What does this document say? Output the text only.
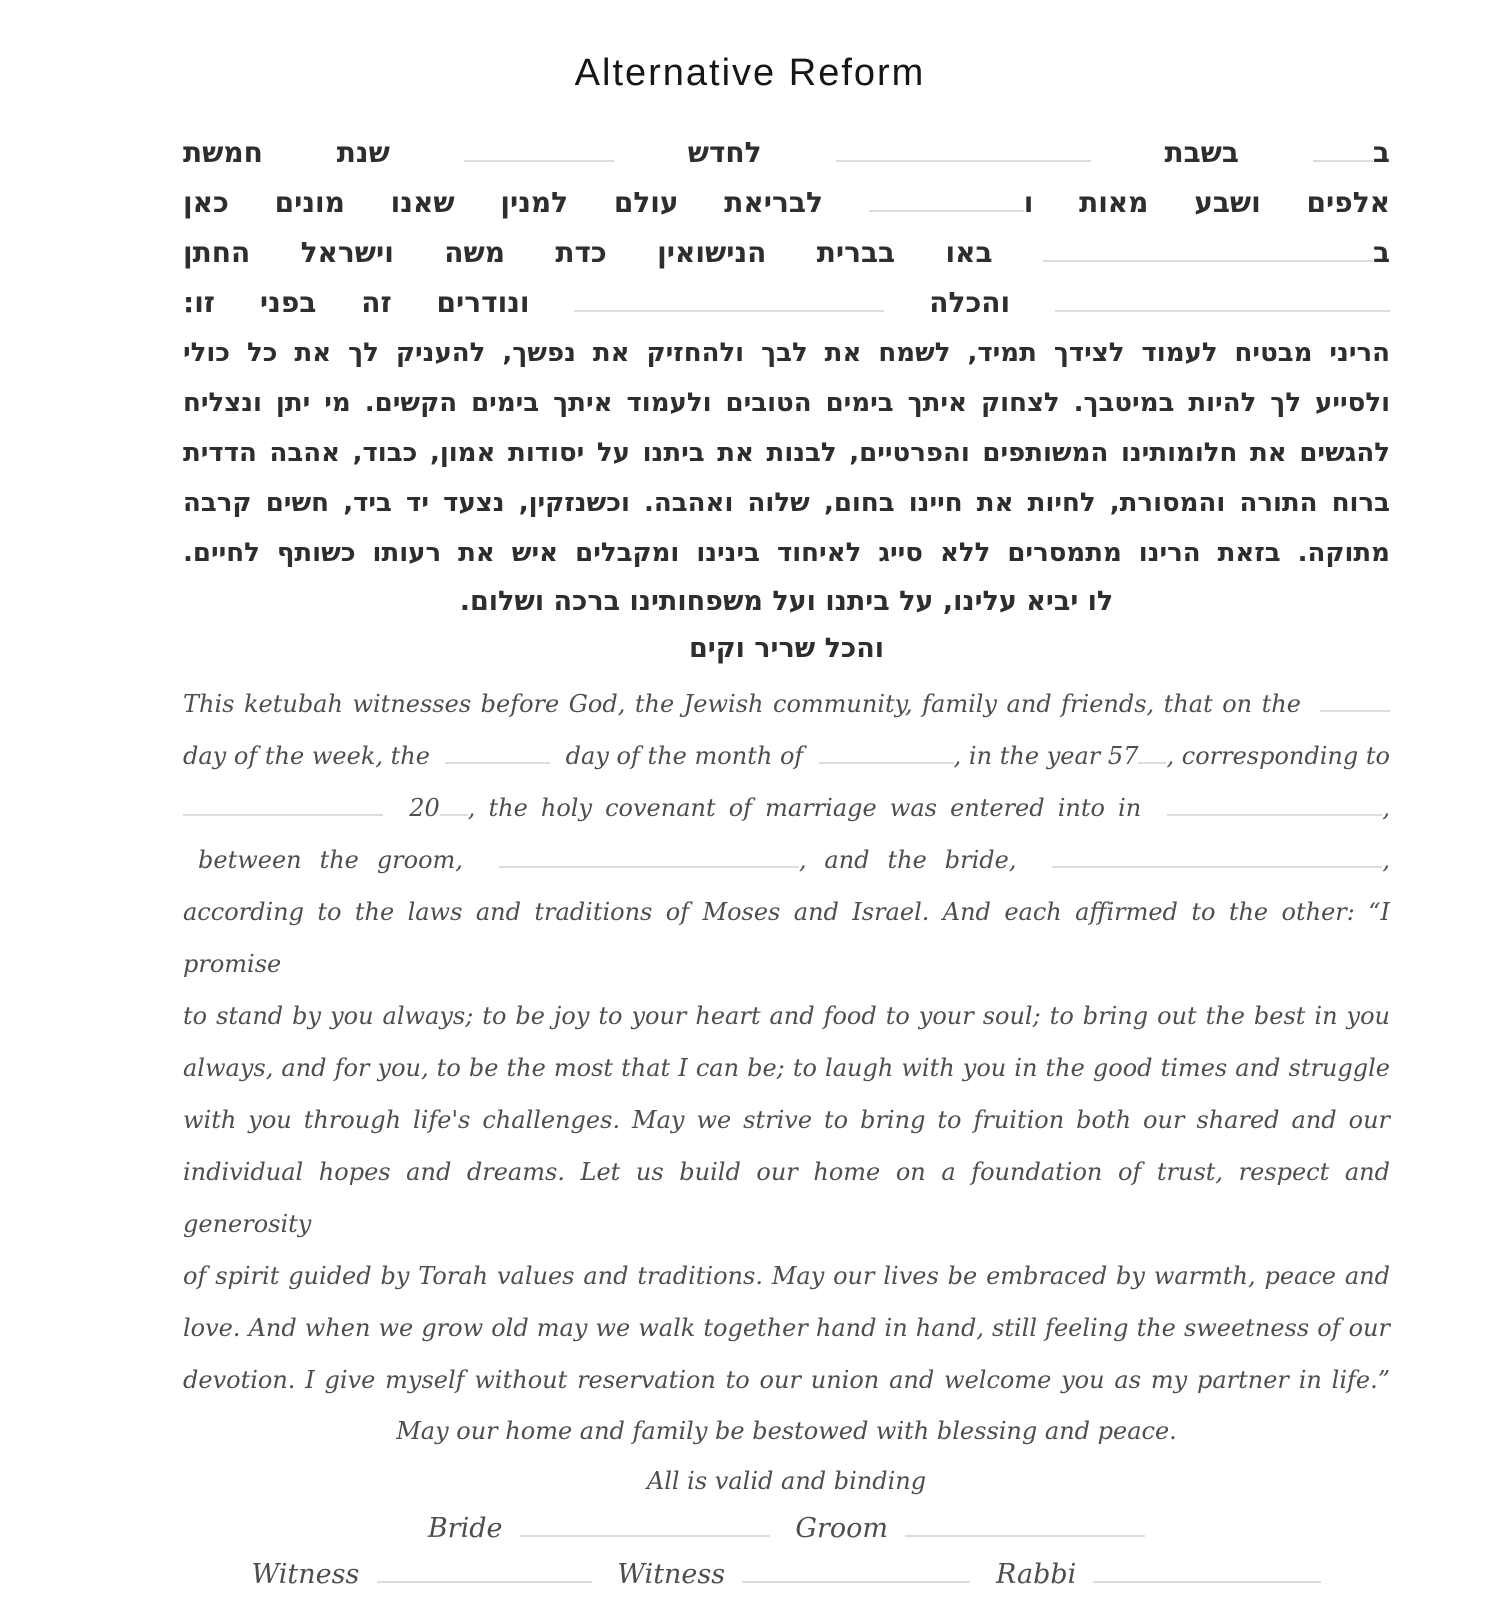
Alternative Reform
ב  בשבת    לחדש    שנת  חמשת
אלפים  ושבע  מאות  ו  לבריאת  עולם  למנין  שאנו  מונים  כאן
ב  באו  בברית  הנישואין  כדת  משה  וישראל  החתן
והכלה    ונודרים  זה  בפני  זו:
הריני מבטיח לעמוד לצידך תמיד, לשמח את לבך ולהחזיק את נפשך, להעניק לך את כל כולי
ולסייע לך להיות במיטבך. לצחוק איתך בימים הטובים ולעמוד איתך בימים הקשים. מי יתן ונצליח
להגשים את חלומותינו המשותפים והפרטיים, לבנות את ביתנו על יסודות אמון, כבוד, אהבה הדדית
ברוח התורה והמסורת, לחיות את חיינו בחום, שלוה ואהבה. וכשנזקין, נצעד יד ביד, חשים קרבה
מתוקה. בזאת הרינו מתמסרים ללא סייג לאיחוד בינינו ומקבלים איש את רעותו כשותף לחיים.
לו יביא עלינו, על ביתנו ועל משפחותינו ברכה ושלום.
והכל שריר וקים
This ketubah witnesses before God, the Jewish community, family and friends, that on the
day of the week, the	day of the month of	, in the year 57 , corresponding to
20 , the holy covenant of marriage was entered into in	,
between the groom,	, and the bride,	,
according to the laws and traditions of Moses and Israel. And each affirmed to the other: “I promise
to stand by you always; to be joy to your heart and food to your soul; to bring out the best in you
always, and for you, to be the most that I can be; to laugh with you in the good times and struggle
with you through life's challenges. May we strive to bring to fruition both our shared and our
individual hopes and dreams. Let us build our home on a foundation of trust, respect and generosity
of spirit guided by Torah values and traditions. May our lives be embraced by warmth, peace and
love. And when we grow old may we walk together hand in hand, still feeling the sweetness of our
devotion. I give myself without reservation to our union and welcome you as my partner in life.”
May our home and family be bestowed with blessing and peace.
All is valid and binding
Bride	Groom
Witness	Witness	Rabbi
